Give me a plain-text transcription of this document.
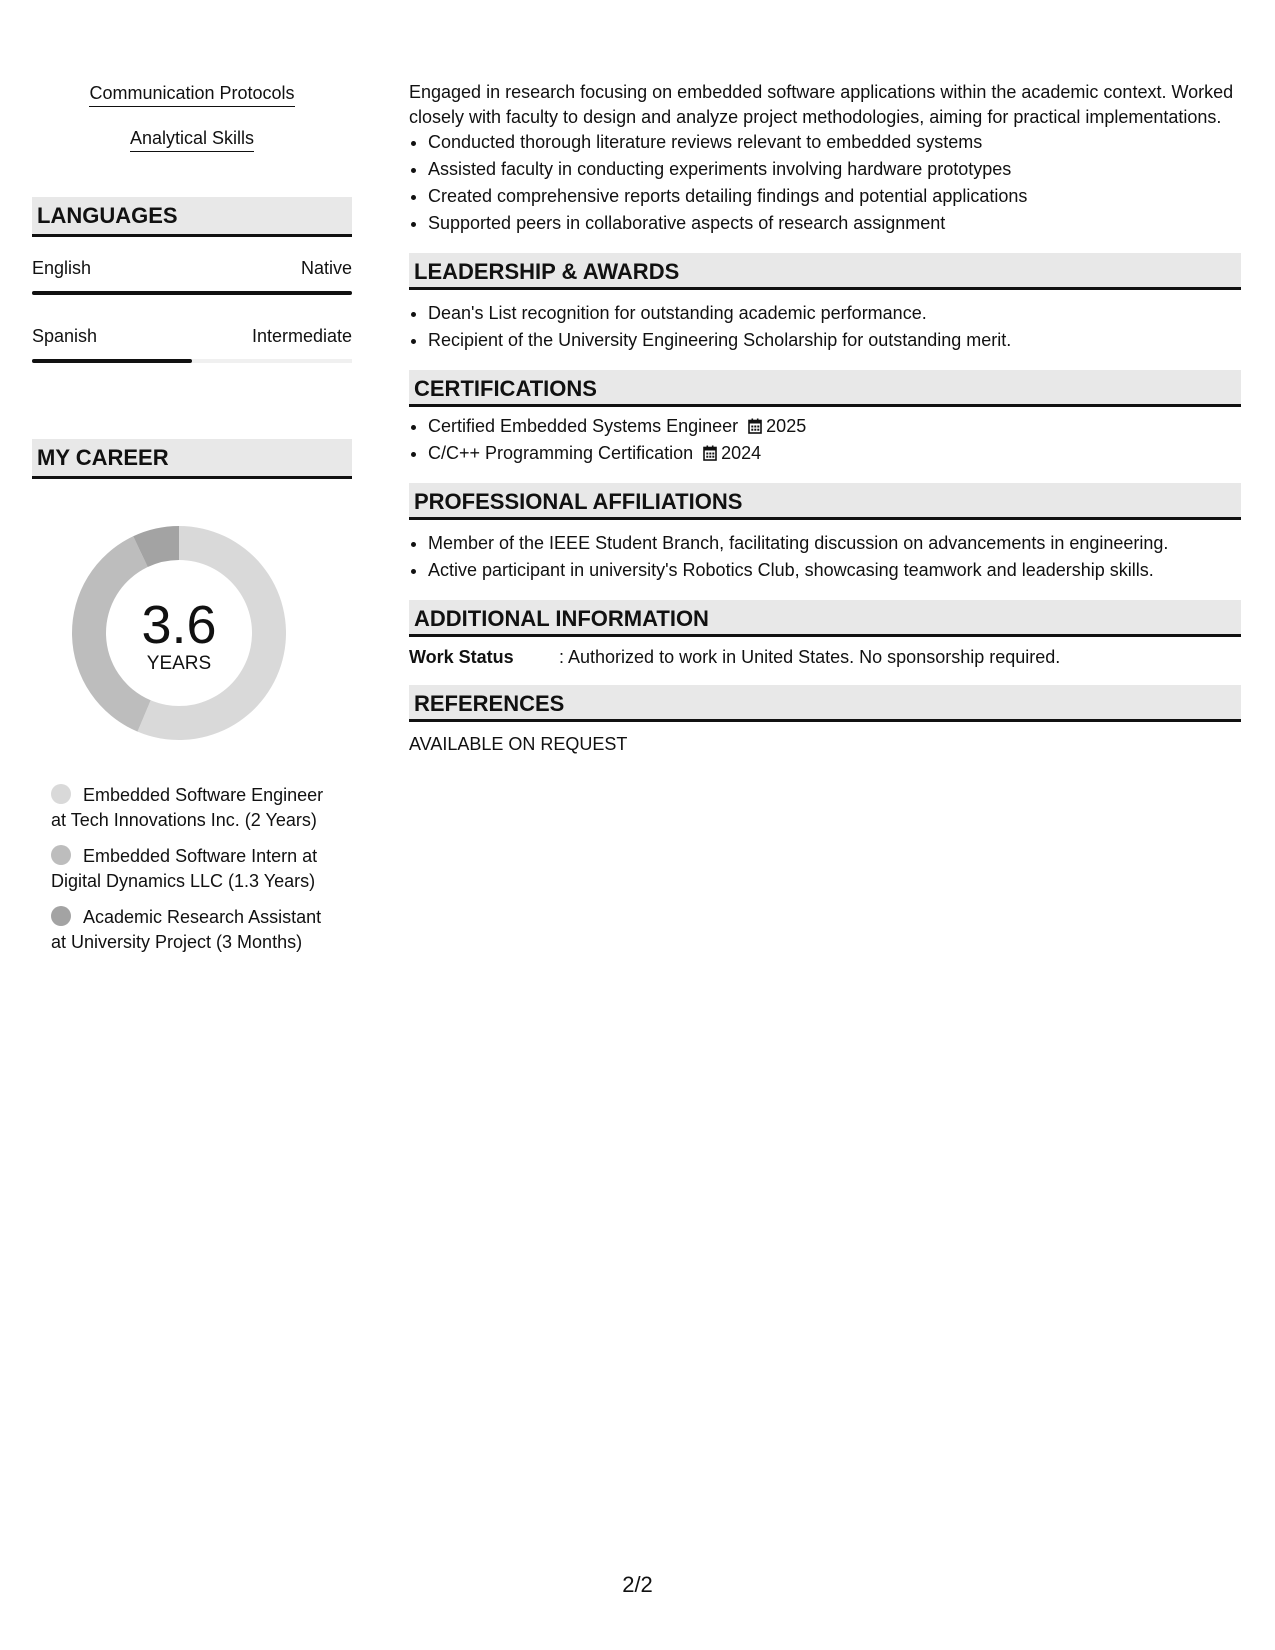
Communication Protocols
Analytical Skills
LANGUAGES
English	Native
Spanish	Intermediate
MY CAREER
3.6
YEARS
Embedded Software Engineer at Tech Innovations Inc. (2 Years)
Embedded Software Intern at Digital Dynamics LLC (1.3 Years)
Academic Research Assistant at University Project (3 Months)
Engaged in research focusing on embedded software applications within the academic context. Worked closely with faculty to design and analyze project methodologies, aiming for practical implementations.
• Conducted thorough literature reviews relevant to embedded systems
• Assisted faculty in conducting experiments involving hardware prototypes
• Created comprehensive reports detailing findings and potential applications
• Supported peers in collaborative aspects of research assignment
LEADERSHIP & AWARDS
• Dean's List recognition for outstanding academic performance.
• Recipient of the University Engineering Scholarship for outstanding merit.
CERTIFICATIONS
• Certified Embedded Systems Engineer 2025
• C/C++ Programming Certification 2024
PROFESSIONAL AFFILIATIONS
• Member of the IEEE Student Branch, facilitating discussion on advancements in engineering.
• Active participant in university's Robotics Club, showcasing teamwork and leadership skills.
ADDITIONAL INFORMATION
Work Status	: Authorized to work in United States. No sponsorship required.
REFERENCES
AVAILABLE ON REQUEST
2/2
